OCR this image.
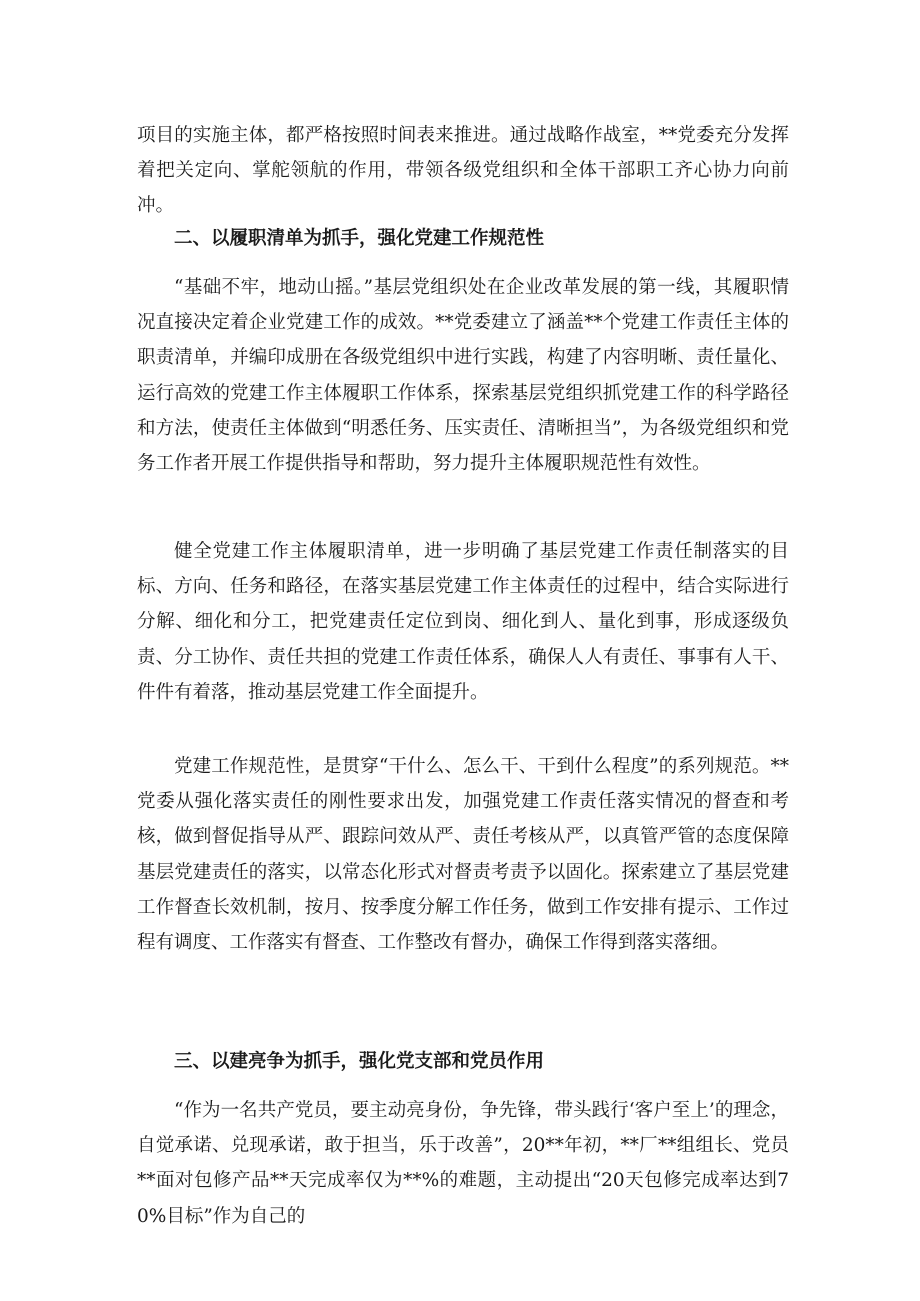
项目的实施主体，都严格按照时间表来推进。通过战略作战室，**党委充分发挥着把关定向、掌舵领航的作用，带领各级党组织和全体干部职工齐心协力向前冲。

二、以履职清单为抓手，强化党建工作规范性

“基础不牢，地动山摇。”基层党组织处在企业改革发展的第一线，其履职情况直接决定着企业党建工作的成效。**党委建立了涵盖**个党建工作责任主体的职责清单，并编印成册在各级党组织中进行实践，构建了内容明晰、责任量化、运行高效的党建工作主体履职工作体系，探索基层党组织抓党建工作的科学路径和方法，使责任主体做到“明悉任务、压实责任、清晰担当”，为各级党组织和党务工作者开展工作提供指导和帮助，努力提升主体履职规范性有效性。

健全党建工作主体履职清单，进一步明确了基层党建工作责任制落实的目标、方向、任务和路径，在落实基层党建工作主体责任的过程中，结合实际进行分解、细化和分工，把党建责任定位到岗、细化到人、量化到事，形成逐级负责、分工协作、责任共担的党建工作责任体系，确保人人有责任、事事有人干、件件有着落，推动基层党建工作全面提升。

党建工作规范性，是贯穿“干什么、怎么干、干到什么程度”的系列规范。**党委从强化落实责任的刚性要求出发，加强党建工作责任落实情况的督查和考核，做到督促指导从严、跟踪问效从严、责任考核从严，以真管严管的态度保障基层党建责任的落实，以常态化形式对督责考责予以固化。探索建立了基层党建工作督查长效机制，按月、按季度分解工作任务，做到工作安排有提示、工作过程有调度、工作落实有督查、工作整改有督办，确保工作得到落实落细。

三、以建亮争为抓手，强化党支部和党员作用

“作为一名共产党员，要主动亮身份，争先锋，带头践行‘客户至上’的理念，自觉承诺、兑现承诺，敢于担当，乐于改善”，20**年初，**厂**组组长、党员**面对包修产品**天完成率仅为**%的难题，主动提出“20天包修完成率达到70%目标”作为自己的
